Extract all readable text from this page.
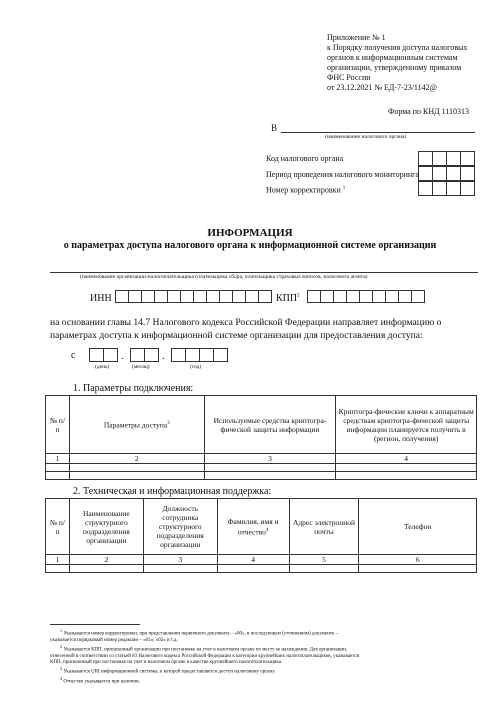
Приложение № 1
к Порядку получения доступа налоговых
органов к информационным системам
организации, утвержденному приказом
ФНС России
от 23.12.2021 № ЕД-7-23/1142@
Форма по КНД 1110313
В
(наименование налогового органа)
Код налогового органа
Период проведения налогового мониторинга
Номер корректировки $^1$
ИНФОРМАЦИЯ
о параметрах доступа налогового органа к информационной системе организации
(наименование организации-налогоплательщика (плательщика сбора, плательщика страховых взносов, налогового агента)
ИНН	КПП$^2$
на основании главы 14.7 Налогового кодекса Российской Федерации направляет информацию о
параметрах доступа к информационной системе организации для предоставления доступа:
с	.	.
(день)	(месяц)	(год)
1. Параметры подключения:
№ п/п	Параметры доступа$^3$	Используемые средства криптогра-фической защиты информации	Криптогра-фические ключи к аппаратным средствам криптогра-фической защиты информации планируется получить в (регион, получения)
1	2	3	4

2. Техническая и информационная поддержка:
№ п/п	Наименование структурного подразделения организации	Должность сотрудника структурного подразделения организации	Фамилия, имя и отчество$^4$	Адрес электронной почты	Телефон
1	2	3	4	5	6

$^1$ Указывается номер корректировки, при представлении первичного документа – «00», в последующем (уточненном) документе –
указывается порядковый номер редакции – «01», «02» и т.д.
$^2$ Указывается КПП, присвоенный организации при постановке на учет в налоговом органе по месту ее нахождения. Для организации,
отнесенной в соответствии со статьей 83 Налогового кодекса Российской Федерации к категории крупнейших налогоплательщиков, указывается
КПП, присвоенный при постановке на учет в налоговом органе в качестве крупнейшего налогоплательщика.
$^3$ Указывается URI информационной системы, к которой предоставляется доступ налоговому органу.
$^4$ Отчество указывается при наличии.
